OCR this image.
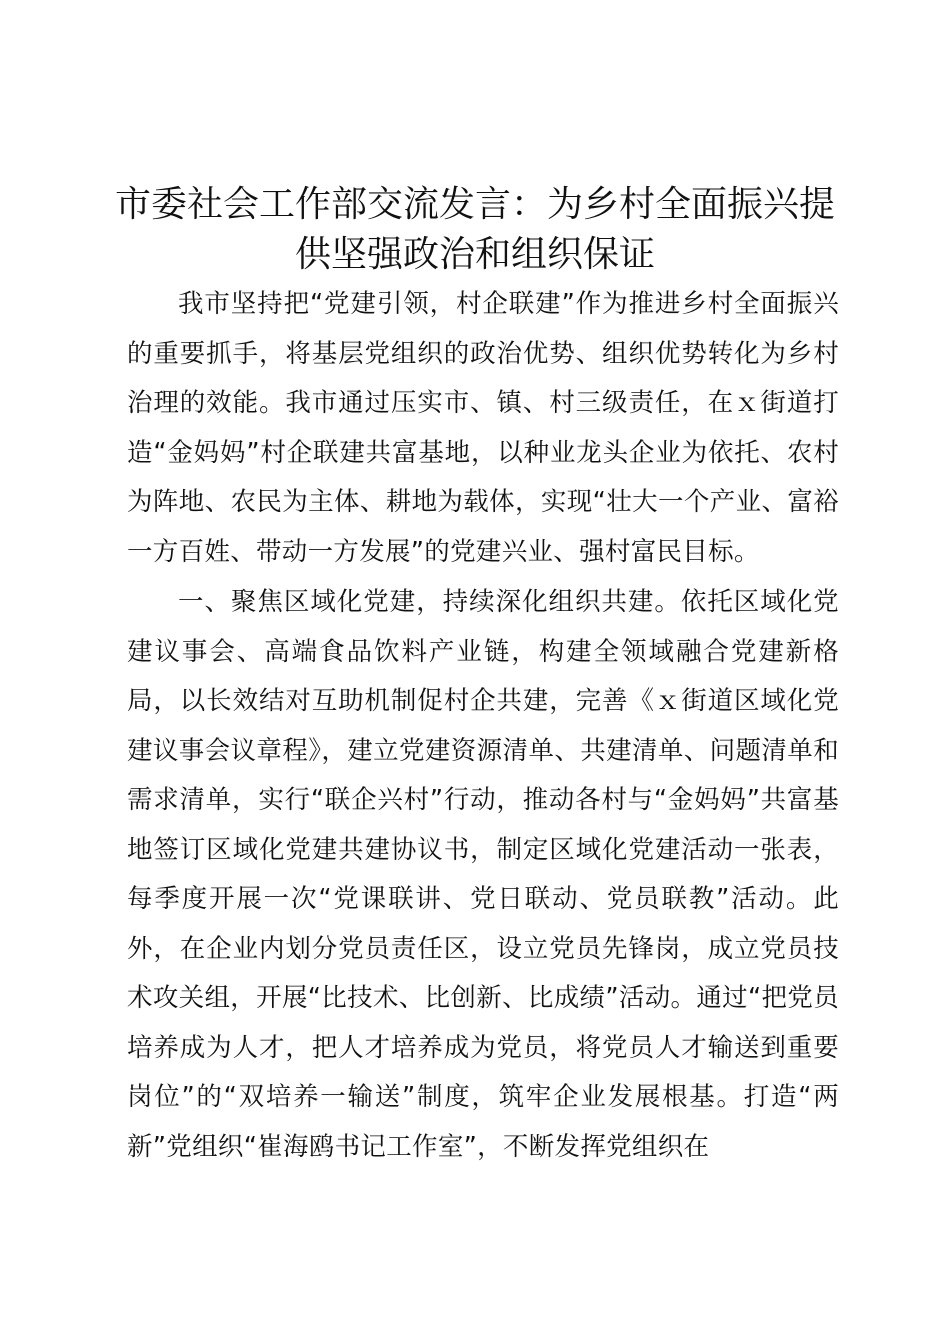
市委社会工作部交流发言：为乡村全面振兴提供坚强政治和组织保证

我市坚持把“党建引领，村企联建”作为推进乡村全面振兴的重要抓手，将基层党组织的政治优势、组织优势转化为乡村治理的效能。我市通过压实市、镇、村三级责任，在ｘ街道打造“金妈妈”村企联建共富基地，以种业龙头企业为依托、农村为阵地、农民为主体、耕地为载体，实现“壮大一个产业、富裕一方百姓、带动一方发展”的党建兴业、强村富民目标。

一、聚焦区域化党建，持续深化组织共建。依托区域化党建议事会、高端食品饮料产业链，构建全领域融合党建新格局，以长效结对互助机制促村企共建，完善《ｘ街道区域化党建议事会议章程》，建立党建资源清单、共建清单、问题清单和需求清单，实行“联企兴村”行动，推动各村与“金妈妈”共富基地签订区域化党建共建协议书，制定区域化党建活动一张表，每季度开展一次“党课联讲、党日联动、党员联教”活动。此外，在企业内划分党员责任区，设立党员先锋岗，成立党员技术攻关组，开展“比技术、比创新、比成绩”活动。通过“把党员培养成为人才，把人才培养成为党员，将党员人才输送到重要岗位”的“双培养一输送”制度，筑牢企业发展根基。打造“两新”党组织“崔海鸥书记工作室”，不断发挥党组织在
